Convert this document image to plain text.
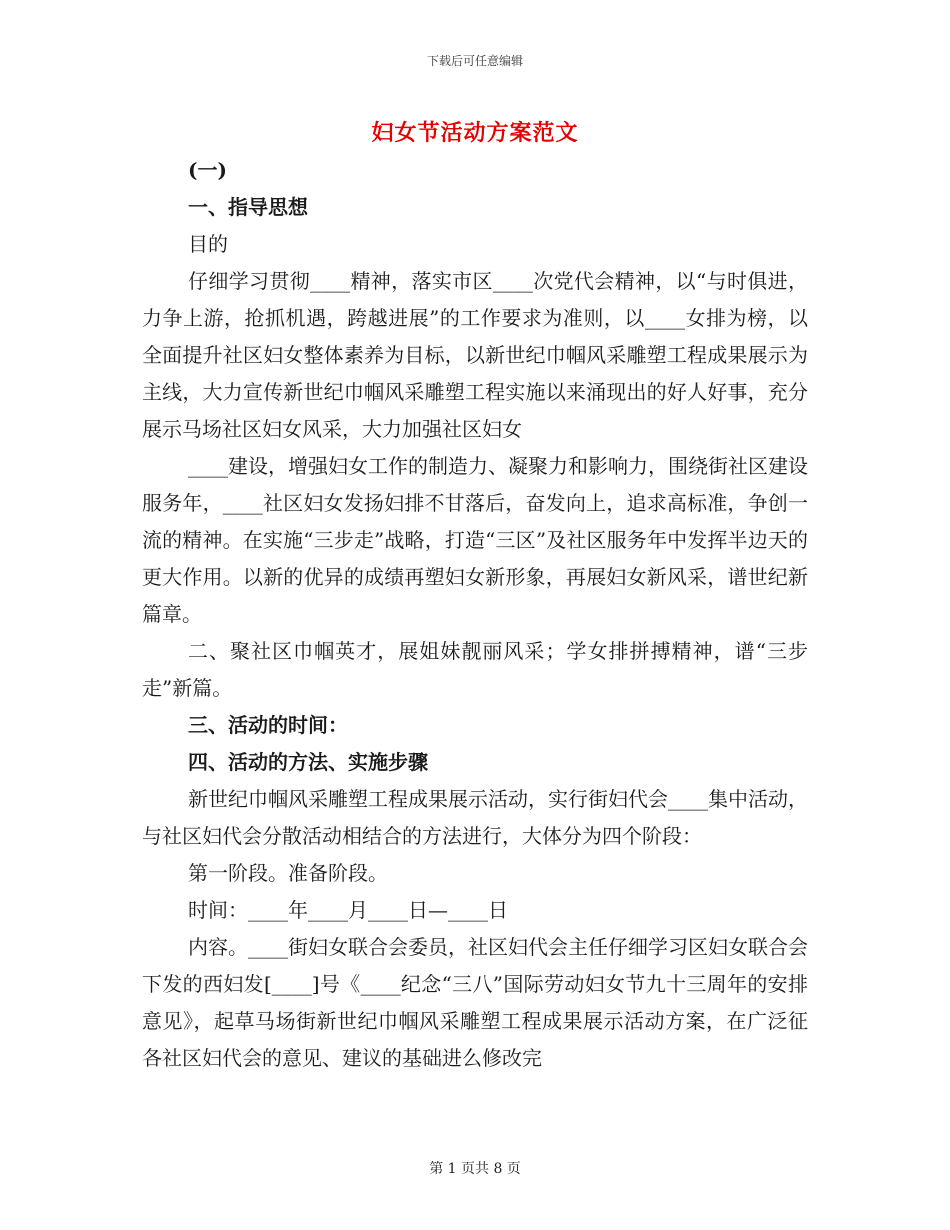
下载后可任意编辑
妇女节活动方案范文

(一)

一、指导思想

目的

仔细学习贯彻____精神，落实市区____次党代会精神，以“与时俱进，力争上游，抢抓机遇，跨越进展”的工作要求为准则，以____女排为榜，以全面提升社区妇女整体素养为目标，以新世纪巾帼风采雕塑工程成果展示为主线，大力宣传新世纪巾帼风采雕塑工程实施以来涌现出的好人好事，充分展示马场社区妇女风采，大力加强社区妇女

____建设，增强妇女工作的制造力、凝聚力和影响力，围绕街社区建设服务年，____社区妇女发扬妇排不甘落后，奋发向上，追求高标准，争创一流的精神。在实施“三步走”战略，打造“三区”及社区服务年中发挥半边天的更大作用。以新的优异的成绩再塑妇女新形象，再展妇女新风采，谱世纪新篇章。

二、聚社区巾帼英才，展姐妹靓丽风采；学女排拼搏精神，谱“三步走”新篇。

三、活动的时间：

四、活动的方法、实施步骤

新世纪巾帼风采雕塑工程成果展示活动，实行街妇代会____集中活动，与社区妇代会分散活动相结合的方法进行，大体分为四个阶段：

第一阶段。准备阶段。

时间：____年____月____日—____日

内容。____街妇女联合会委员，社区妇代会主任仔细学习区妇女联合会下发的西妇发[____]号《____纪念“三八”国际劳动妇女节九十三周年的安排意见》，起草马场街新世纪巾帼风采雕塑工程成果展示活动方案，在广泛征各社区妇代会的意见、建议的基础进么修改完

第 1 页共 8 页
